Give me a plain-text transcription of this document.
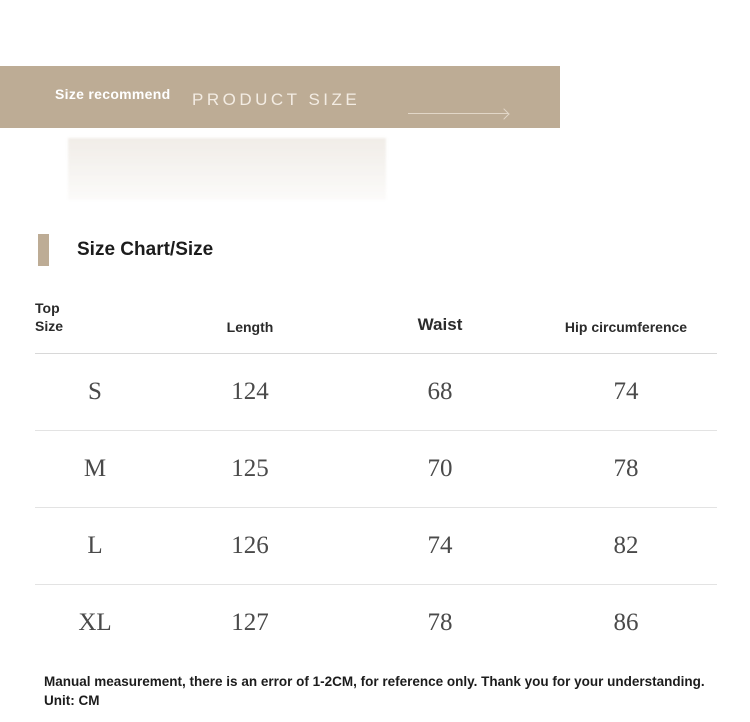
Size recommend PRODUCT SIZE
Size Chart/Size
Top
Size	Length	Waist	Hip circumference
S	124	68	74
M	125	70	78
L	126	74	82
XL	127	78	86
Manual measurement, there is an error of 1-2CM, for reference only. Thank you for your understanding. Unit: CM
